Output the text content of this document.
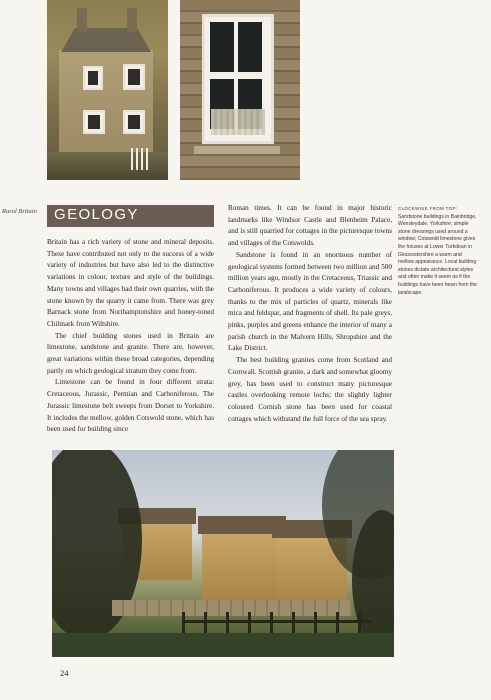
Rural Britain GEOLOGY

Britain has a rich variety of stone and mineral deposits. These have contributed not only to the success of a wide variety of industries but have also led to the distinctive variations in colour, texture and style of the buildings. Many towns and villages had their own quarries, with the stone known by the quarry it came from. There was grey Barnack stone from Northamptonshire and honey-toned Chilmark from Wiltshire.

The chief building stones used in Britain are limestone, sandstone and granite. There are, however, great variations within these broad categories, depending partly on which geological stratum they come from.

Limestone can be found in four different strata: Cretaceous, Jurassic, Permian and Carboniferous. The Jurassic limestone belt sweeps from Dorset to Yorkshire. It includes the mellow, golden Cotswold stone, which has been used for building since

Roman times. It can be found in major historic landmarks like Windsor Castle and Blenheim Palace, and is still quarried for cottages in the picturesque towns and villages of the Cotswolds.

Sandstone is found in an enormous number of geological systems formed between two million and 500 million years ago, mostly in the Cretaceous, Triassic and Carboniferous. It produces a wide variety of colours, thanks to the mix of particles of quartz, minerals like mica and feldspar, and fragments of shell. Its pale greys, pinks, purples and greens enhance the interior of many a parish church in the Malvern Hills, Shropshire and the Lake District.

The best building granites come from Scotland and Cornwall. Scottish granite, a dark and somewhat gloomy grey, has been used to construct many picturesque castles overlooking remote lochs; the slightly lighter coloured Cornish stone has been used for coastal cottages which withstand the full force of the sea spray.

CLOCKWISE FROM TOP:
Sandstone buildings in Bainbridge, Wensleydale, Yorkshire; simple stone dressings used around a window; Cotswold limestone gives the houses at Lower Turkdean in Gloucestershire a warm and mellow appearance. Local building stones dictate architectural styles and often make it seem as if the buildings have been hewn from the landscape.
24
